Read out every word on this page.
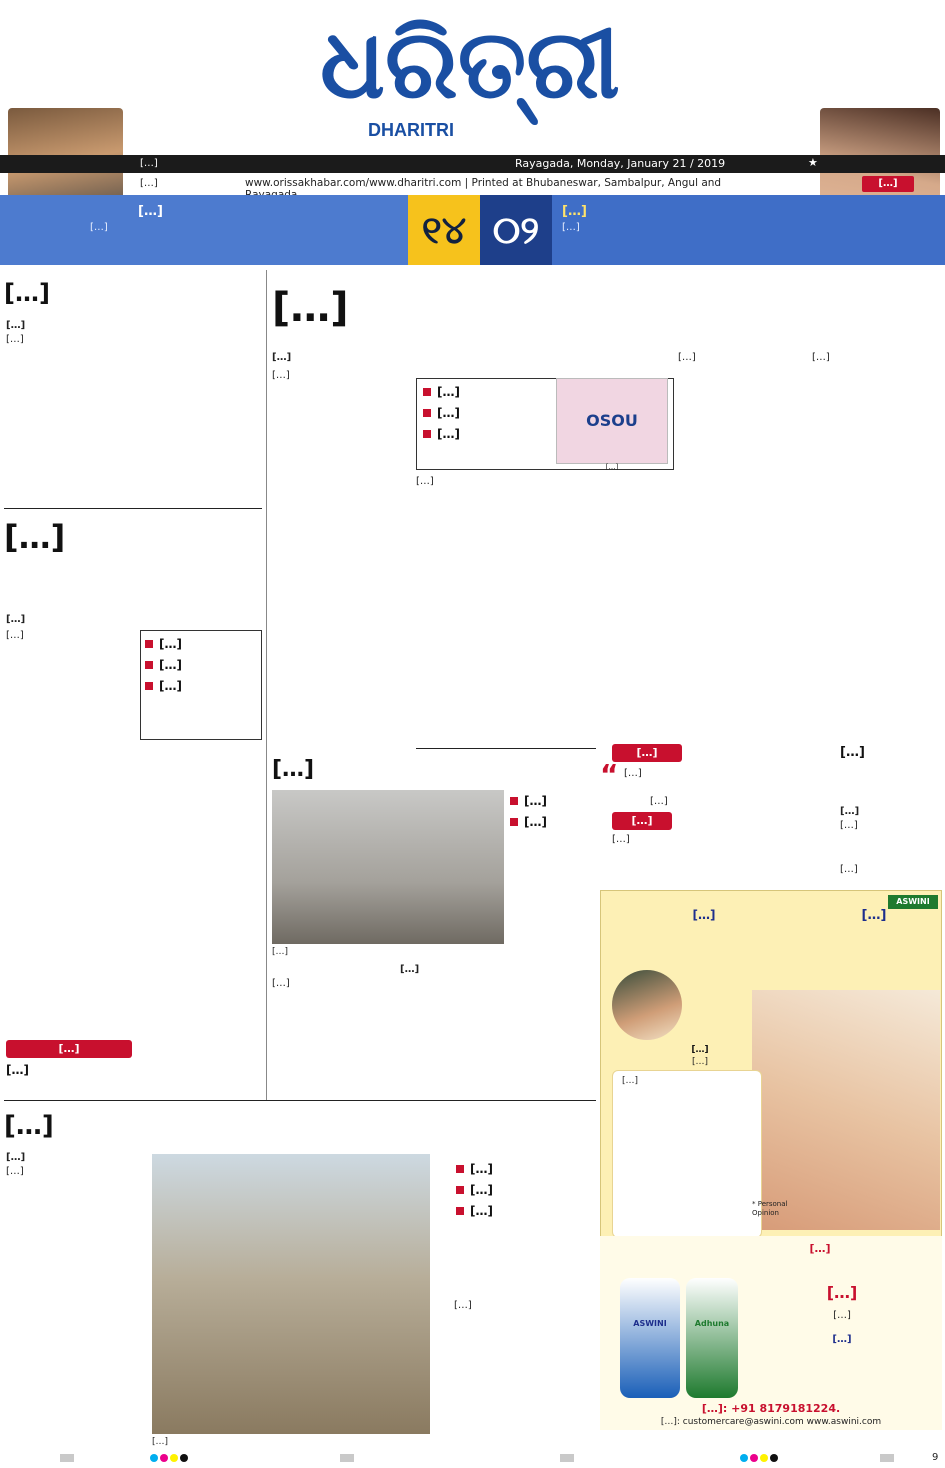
ଧରିତ୍ରୀ
DHARITRI
[…]	Rayagada, Monday, January 21 / 2019	★
[…]	www.orissakhabar.com/www.dharitri.com | Printed at Bhubaneswar, Sambalpur, Angul and	[…]
[…]
[…]	୧୪ ୦୨	[…]
[…]
[…]
[…]
[…]
[…]
[…]
[…]
[…]
[…]
[…]
[…]
[…]
[…]
[…]
[…]
[…]
[…]
OSOU
[…]
[…]
[…]
[…]	[…]
[…]
[…]
[…]
[…]
[…]
[…]
[…]
“ […]
[…]
[…]
[…]
[…]
[…]
[…]
[…]
ASWINI
[…]	[…]
[…]
[…]
[…]
* Personal Opinion
[…]
ASWINI	Adhuna
[…]
[…]
[…]
[…]: +91 8179181224.
[…]: customercare@aswini.com www.aswini.com
[…]
[…]
[…]	[…]
[…]
[…]
[…]
[…]
9
